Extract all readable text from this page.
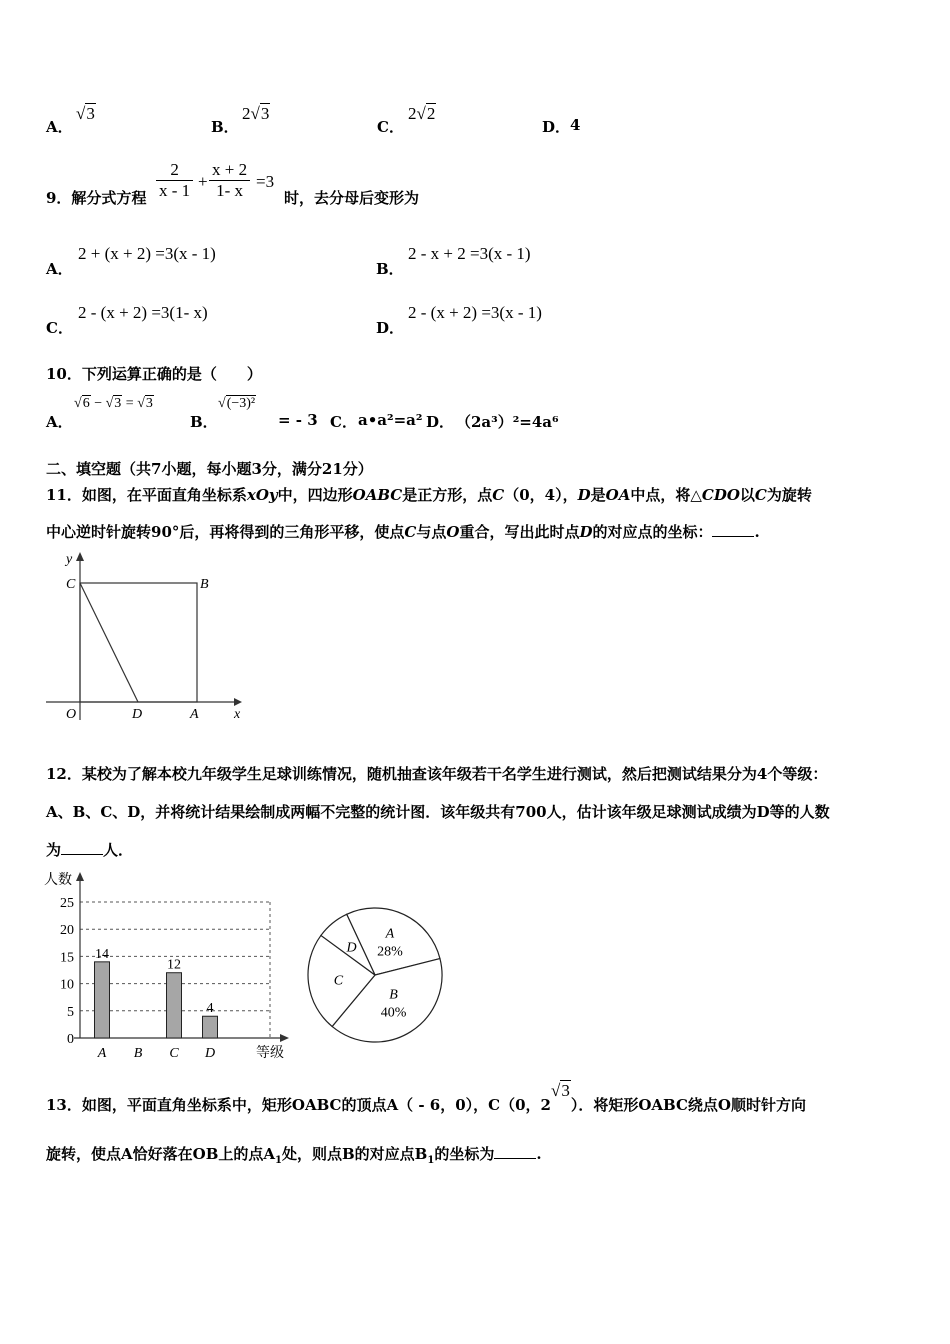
A．
√3
B．
2√3
C．
2√2
D． 4
9．解分式方程 $\frac{2}{x - 1} + \frac{x + 2}{1- x} =3$
时，去分母后变形为
A．
2 + (x + 2) =3(x - 1)
B．
2 - x + 2 =3(x - 1)
C．
2 - (x + 2) =3(1- x)
D．
2 - (x + 2) =3(x - 1)
10．下列运算正确的是（　　）
A．
√6 − √3 = √3
B．
√(−3)²
= - 3 C． a•a²=a² D． （2a³）²=4a⁶
二、填空题（共7小题，每小题3分，满分21分）
11．如图，在平面直角坐标系xOy中，四边形OABC是正方形，点C（0，4），D是OA中点，将△CDO以C为旋转
中心逆时针旋转90°后，再将得到的三角形平移，使点C与点O重合，写出此时点D的对应点的坐标：	.
y
x
C	B
O	D	A
12．某校为了解本校九年级学生足球训练情况，随机抽查该年级若干名学生进行测试，然后把测试结果分为4个等级：
A、B、C、D，并将统计结果绘制成两幅不完整的统计图．该年级共有700人，估计该年级足球测试成绩为D等的人数
为	人．
0
5
10
15
20
25
14
12
4
A B C D
人数
等级
A
28%
B
40%
C
D
13．如图，平面直角坐标系中，矩形OABC的顶点A（ - 6，0），C（0，2√3）．将矩形OABC绕点O顺时针方向
旋转，使点A恰好落在OB上的点$A_1$处，则点B的对应点$B_1$的坐标为	.
